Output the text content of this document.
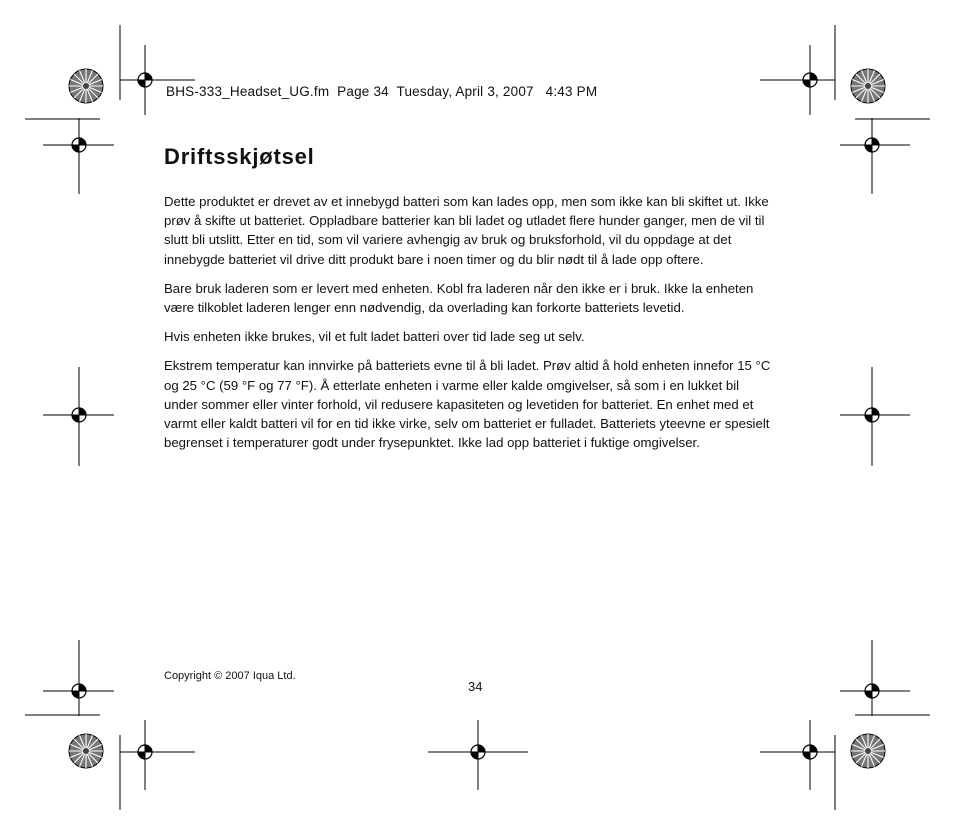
BHS-333_Headset_UG.fm  Page 34  Tuesday, April 3, 2007   4:43 PM
Driftsskjøtsel

Dette produktet er drevet av et innebygd batteri som kan lades opp, men som ikke kan bli skiftet ut. Ikke prøv å skifte ut batteriet. Oppladbare batterier kan bli ladet og utladet flere hunder ganger, men de vil til slutt bli utslitt. Etter en tid, som vil variere avhengig av bruk og bruksforhold, vil du oppdage at det innebygde batteriet vil drive ditt produkt bare i noen timer og du blir nødt til å lade opp oftere.

Bare bruk laderen som er levert med enheten. Kobl fra laderen når den ikke er i bruk. Ikke la enheten være tilkoblet laderen lenger enn nødvendig, da overlading kan forkorte batteriets levetid.

Hvis enheten ikke brukes, vil et fult ladet batteri over tid lade seg ut selv.

Ekstrem temperatur kan innvirke på batteriets evne til å bli ladet. Prøv altid å hold enheten innefor 15 °C og 25 °C (59 °F og 77 °F). Å etterlate enheten i varme eller kalde omgivelser, så som i en lukket bil under sommer eller vinter forhold, vil redusere kapasiteten og levetiden for batteriet. En enhet med et varmt eller kaldt batteri vil for en tid ikke virke, selv om batteriet er fulladet. Batteriets yteevne er spesielt begrenset i temperaturer godt under frysepunktet. Ikke lad opp batteriet i fuktige omgivelser.

Copyright © 2007 Iqua Ltd.
34
